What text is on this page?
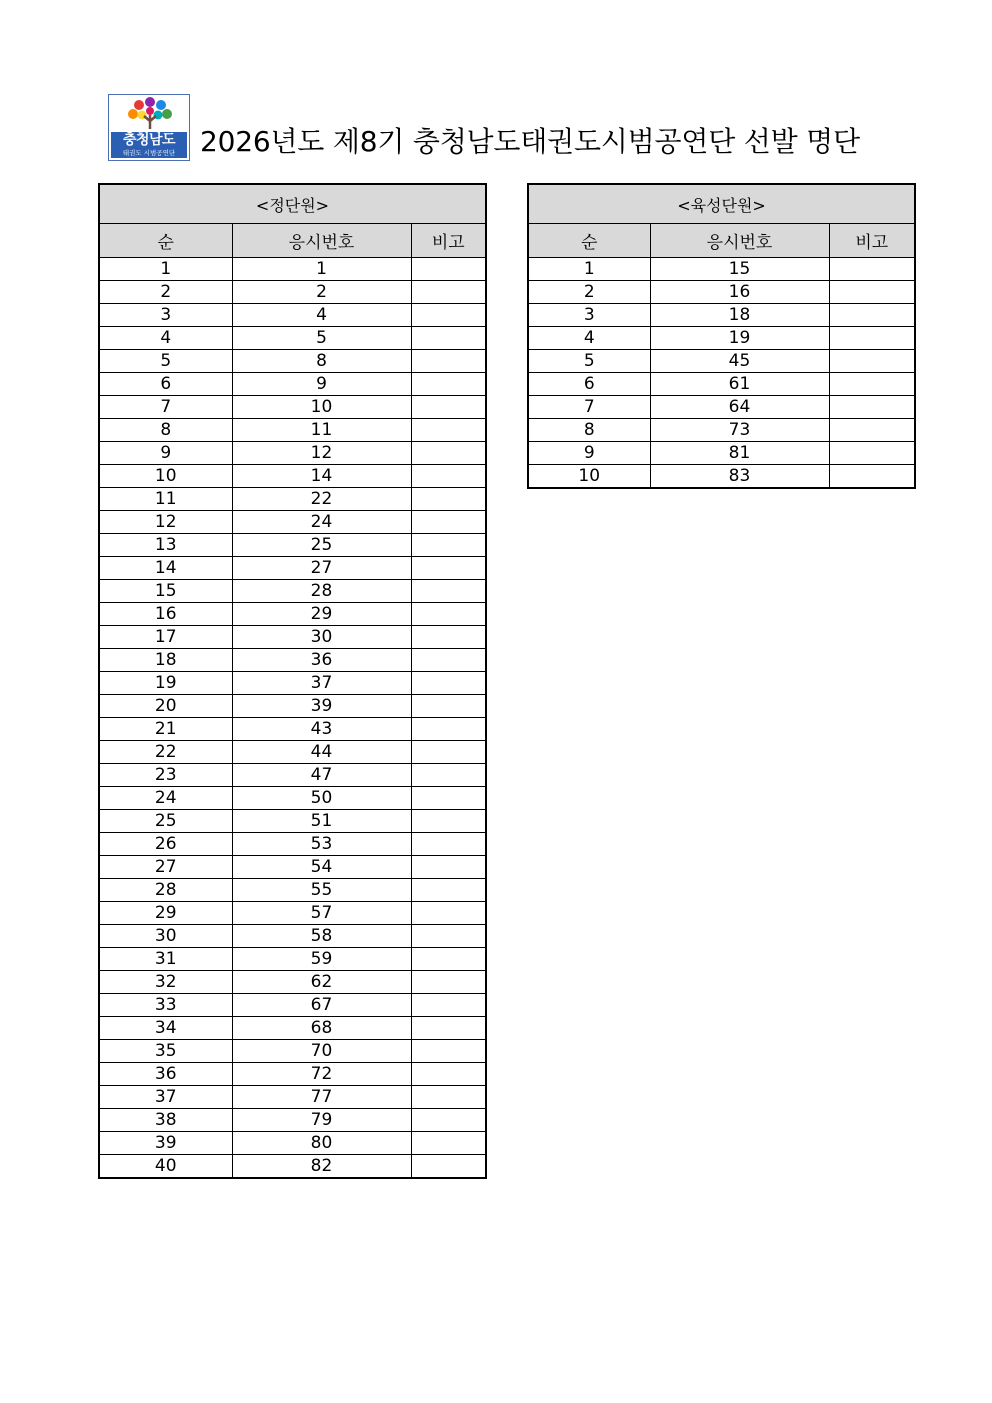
충청남도
태권도 시범공연단 2026년도 제8기 충청남도태권도시범공연단 선발 명단
<정단원>		
순	응시번호	비고
1	1	
2	2	
3	4	
4	5	
5	8	
6	9	
7	10	
8	11	
9	12	
10	14	
11	22	
12	24	
13	25	
14	27	
15	28	
16	29	
17	30	
18	36	
19	37	
20	39	
21	43	
22	44	
23	47	
24	50	
25	51	
26	53	
27	54	
28	55	
29	57	
30	58	
31	59	
32	62	
33	67	
34	68	
35	70	
36	72	
37	77	
38	79	
39	80	
40	82	
<육성단원>		
순	응시번호	비고
1	15	
2	16	
3	18	
4	19	
5	45	
6	61	
7	64	
8	73	
9	81	
10	83	
